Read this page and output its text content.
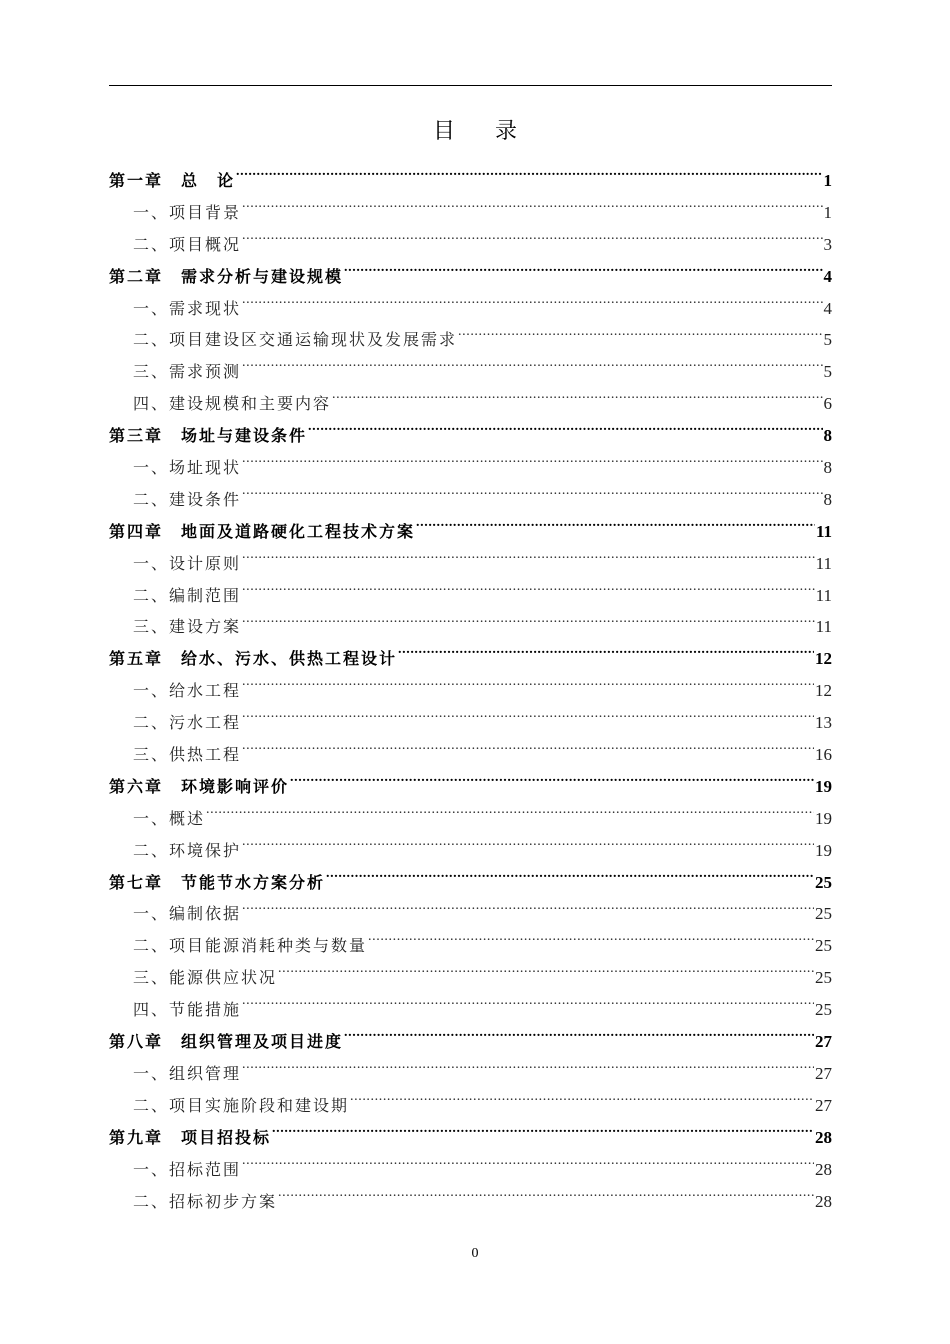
目录
第一章　总　论 .....	1
一、项目背景 .....	1
二、项目概况 .....	3
第二章　需求分析与建设规模 .....	4
一、需求现状 .....	4
二、项目建设区交通运输现状及发展需求 .....	5
三、需求预测 .....	5
四、建设规模和主要内容 .....	6
第三章　场址与建设条件 .....	8
一、场址现状 .....	8
二、建设条件 .....	8
第四章　地面及道路硬化工程技术方案 .....	11
一、设计原则 .....	11
二、编制范围 .....	11
三、建设方案 .....	11
第五章　给水、污水、供热工程设计 .....	12
一、给水工程 .....	12
二、污水工程 .....	13
三、供热工程 .....	16
第六章　环境影响评价 .....	19
一、概述 .....	19
二、环境保护 .....	19
第七章　节能节水方案分析 .....	25
一、编制依据 .....	25
二、项目能源消耗种类与数量 .....	25
三、能源供应状况 .....	25
四、节能措施 .....	25
第八章　组织管理及项目进度 .....	27
一、组织管理 .....	27
二、项目实施阶段和建设期 .....	27
第九章　项目招投标 .....	28
一、招标范围 .....	28
二、招标初步方案 .....	28
0
